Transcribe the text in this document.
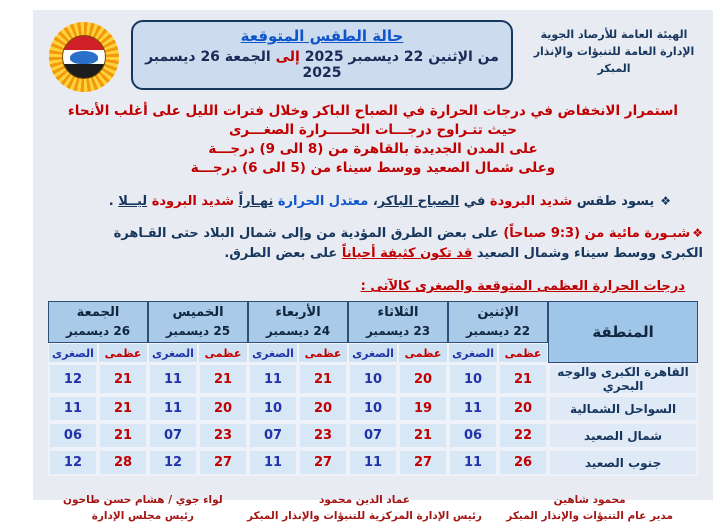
الهيئة العامة للأرصاد الجوية
الإدارة العامة للتنبؤات والإنذار المبكر
حالة الطقس المتوقعة
من الإثنين 22 ديسمبر 2025 إلى الجمعة 26 ديسمبر 2025
استمرار الانخفاض في درجات الحرارة في الصباح الباكر وخلال فترات الليل على أغلب الأنحاء
حيث تتـراوح درجـــات الحـــــرارة الصغـــرى
على المدن الجديدة بالقاهرة من (8 الى 9) درجـــة
وعلى شمال الصعيد ووسط سيناء من (5 الى 6) درجـــة
❖يسود طقس شديد البرودة في الصباح الباكر، معتدل الحرارة نهـاراً شديد البرودة ليــلا .
❖شبـورة مائية من (9:3 صباحاً) على بعض الطرق المؤدية من وإلى شمال البلاد حتى القـاهرة الكبرى ووسط سيناء وشمال الصعيد قد تكون كثيفة أحياناً على بعض الطرق.
درجات الحرارة العظمى المتوقعة والصغرى كالآتى :
المنطقة	
الإثنين
22 ديسمبر

الثلاثاء
23 ديسمبر

الأربعاء
24 ديسمبر

الخميس
25 ديسمبر

الجمعة
26 ديسمبر

	عظمى	الصغرى	عظمى	الصغرى	عظمى	الصغرى	عظمى	الصغرى	عظمى	الصغرى
القاهرة الكبرى والوجه البحري	21	10	20	10	21	11	21	11	21	12
السواحل الشمالية	20	11	19	10	20	10	20	11	21	11
شمال الصعيد	22	06	21	07	23	07	23	07	21	06
جنوب الصعيد	26	11	27	11	27	11	27	12	28	12
محمود شاهين
مدير عام التنبؤات والإنذار المبكر
عماد الدين محمود
رئيس الإدارة المركزية للتنبؤات والإنذار المبكر
لواء جوي / هشام حسن طاحون
رئيس مجلس الإدارة
